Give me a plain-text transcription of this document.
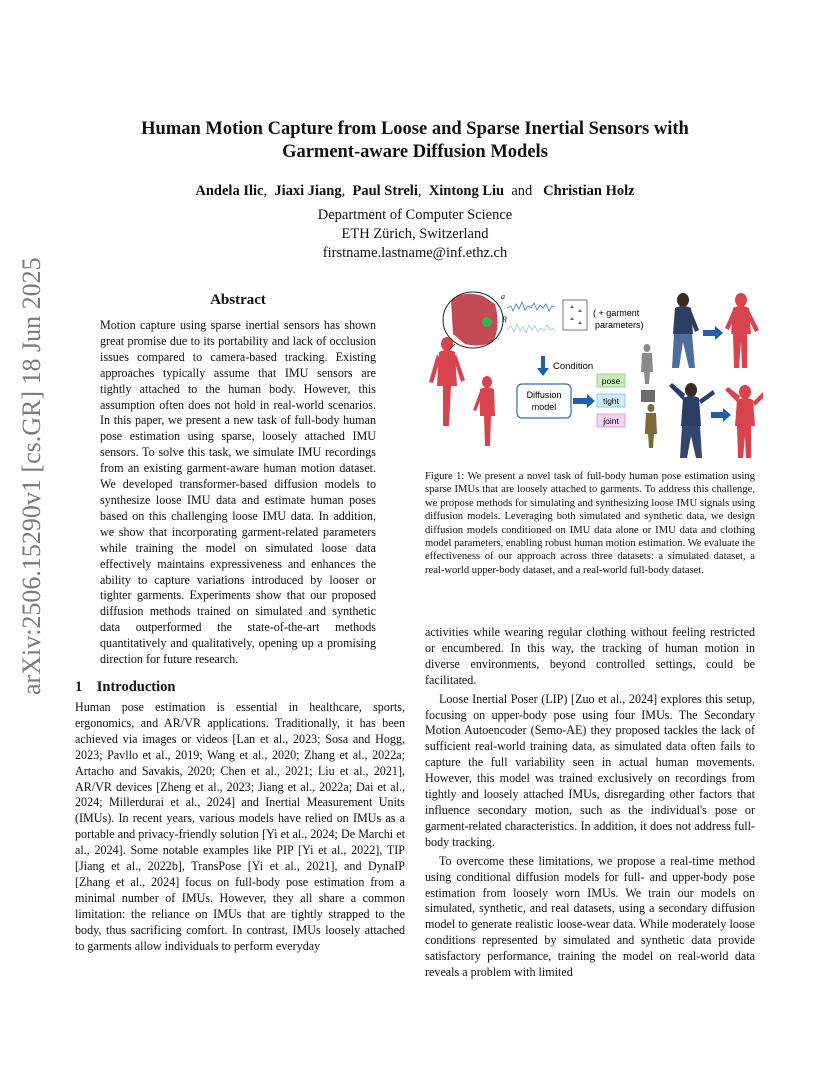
arXiv:2506.15290v1 [cs.GR] 18 Jun 2025
Human Motion Capture from Loose and Sparse Inertial Sensors with
Garment-aware Diffusion Models
Andela Ilic, Jiaxi Jiang, Paul Streli, Xintong Liu and Christian Holz
Department of Computer Science
ETH Zürich, Switzerland
firstname.lastname@inf.ethz.ch
Abstract
Motion capture using sparse inertial sensors has shown great promise due to its portability and lack of occlusion issues compared to camera-based tracking. Existing approaches typically assume that IMU sensors are tightly attached to the human body. However, this assumption often does not hold in real-world scenarios. In this paper, we present a new task of full-body human pose estimation using sparse, loosely attached IMU sensors. To solve this task, we simulate IMU recordings from an existing garment-aware human motion dataset. We developed transformer-based diffusion models to synthesize loose IMU data and estimate human poses based on this challenging loose IMU data. In addition, we show that incorporating garment-related parameters while training the model on simulated loose data effectively maintains expressiveness and enhances the ability to capture variations introduced by looser or tighter garments. Experiments show that our proposed diffusion methods trained on simulated and synthetic data outperformed the state-of-the-art methods quantitatively and qualitatively, opening up a promising direction for future research.
a
R
( + garment
parameters)
Condition
Diffusion
model
pose
tight
joint
Figure 1: We present a novel task of full-body human pose estimation using sparse IMUs that are loosely attached to garments. To address this challenge, we propose methods for simulating and synthesizing loose IMU signals using diffusion models. Leveraging both simulated and synthetic data, we design diffusion models conditioned on IMU data alone or IMU data and clothing model parameters, enabling robust human motion estimation. We evaluate the effectiveness of our approach across three datasets: a simulated dataset, a real-world upper-body dataset, and a real-world full-body dataset.
1 Introduction

Human pose estimation is essential in healthcare, sports, ergonomics, and AR/VR applications. Traditionally, it has been achieved via images or videos [Lan et al., 2023; Sosa and Hogg, 2023; Pavllo et al., 2019; Wang et al., 2020; Zhang et al., 2022a; Artacho and Savakis, 2020; Chen et al., 2021; Liu et al., 2021], AR/VR devices [Zheng et al., 2023; Jiang et al., 2022a; Dai et al., 2024; Millerdurai et al., 2024] and Inertial Measurement Units (IMUs). In recent years, various models have relied on IMUs as a portable and privacy-friendly solution [Yi et al., 2024; De Marchi et al., 2024]. Some notable examples like PIP [Yi et al., 2022], TIP [Jiang et al., 2022b], TransPose [Yi et al., 2021], and DynaIP [Zhang et al., 2024] focus on full-body pose estimation from a minimal number of IMUs. However, they all share a common limitation: the reliance on IMUs that are tightly strapped to the body, thus sacrificing comfort. In contrast, IMUs loosely attached to garments allow individuals to perform everyday

activities while wearing regular clothing without feeling restricted or encumbered. In this way, the tracking of human motion in diverse environments, beyond controlled settings, could be facilitated.

Loose Inertial Poser (LIP) [Zuo et al., 2024] explores this setup, focusing on upper-body pose using four IMUs. The Secondary Motion Autoencoder (Semo-AE) they proposed tackles the lack of sufficient real-world training data, as simulated data often fails to capture the full variability seen in actual human movements. However, this model was trained exclusively on recordings from tightly and loosely attached IMUs, disregarding other factors that influence secondary motion, such as the individual's pose or garment-related characteristics. In addition, it does not address full-body tracking.

To overcome these limitations, we propose a real-time method using conditional diffusion models for full- and upper-body pose estimation from loosely worn IMUs. We train our models on simulated, synthetic, and real datasets, using a secondary diffusion model to generate realistic loose-wear data. While moderately loose conditions represented by simulated and synthetic data provide satisfactory performance, training the model on real-world data reveals a problem with limited
